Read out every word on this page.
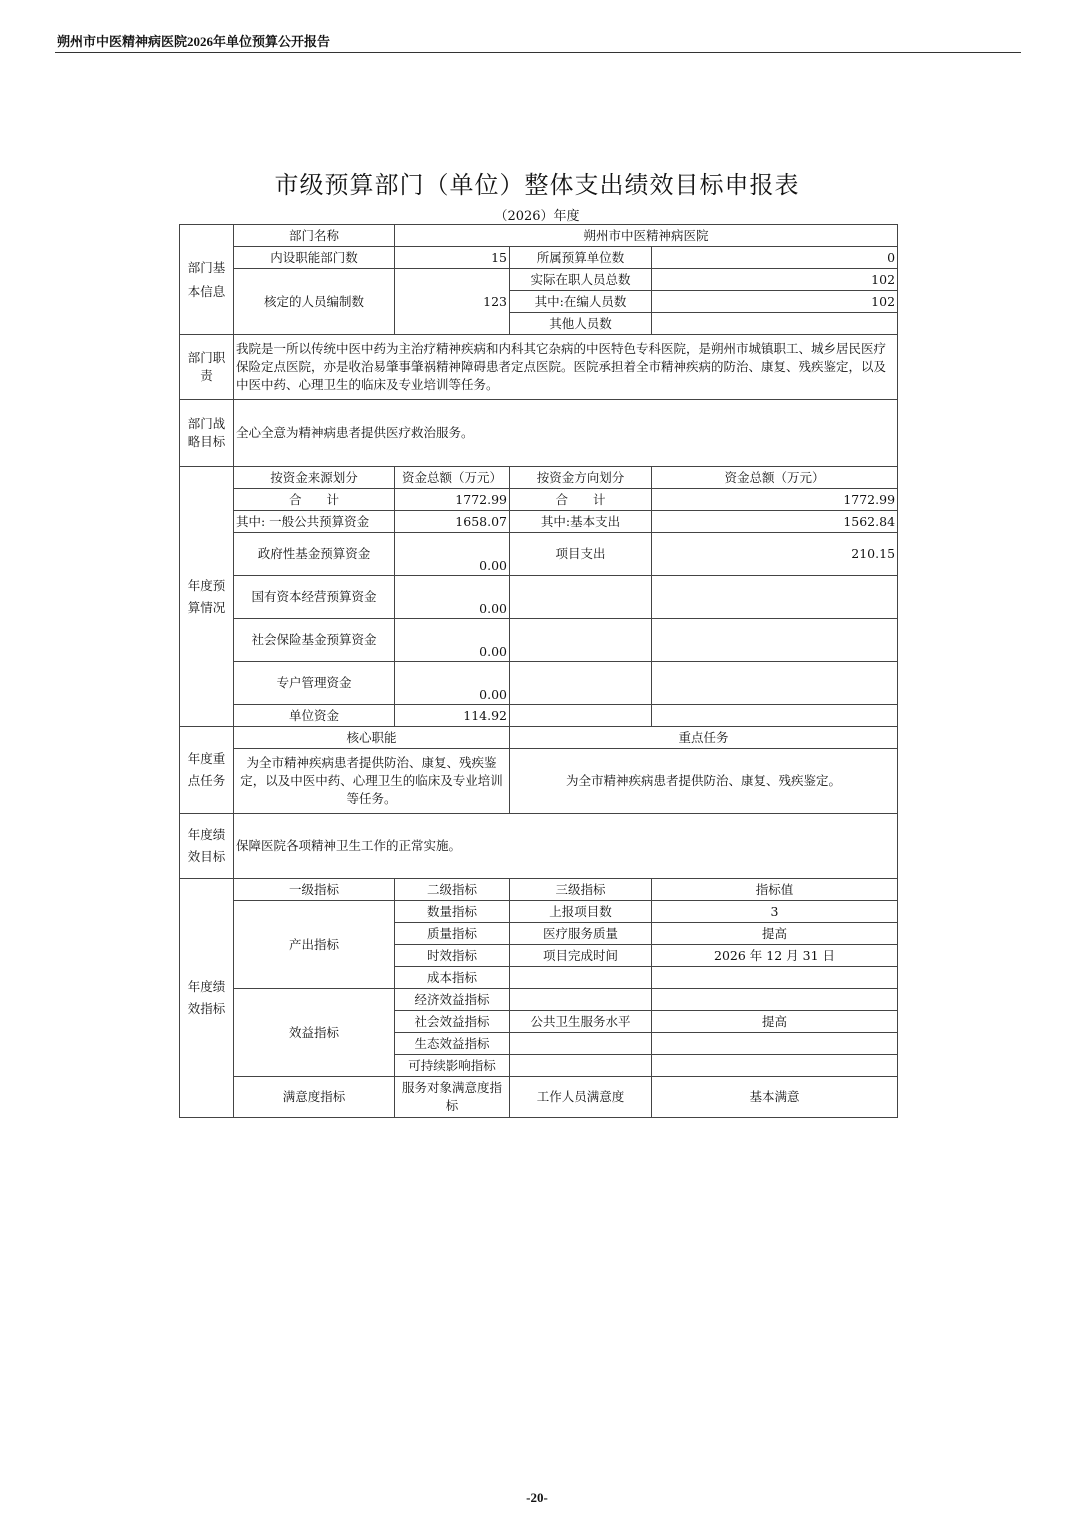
朔州市中医精神病医院2026年单位预算公开报告
市级预算部门（单位）整体支出绩效目标申报表
（2026）年度
部门基本信息	部门名称	朔州市中医精神病医院		
	内设职能部门数	15	所属预算单位数	0
	核定的人员编制数	123	实际在职人员总数	102
			其中:在编人员数	102
			其他人员数	
部门职责	我院是一所以传统中医中药为主治疗精神疾病和内科其它杂病的中医特色专科医院，是朔州市城镇职工、城乡居民医疗保险定点医院，亦是收治易肇事肇祸精神障碍患者定点医院。医院承担着全市精神疾病的防治、康复、残疾鉴定，以及中医中药、心理卫生的临床及专业培训等任务。			
部门战略目标	全心全意为精神病患者提供医疗救治服务。			
年度预算情况	按资金来源划分	资金总额（万元）	按资金方向划分	资金总额（万元）
	合　　计	1772.99	合　　计	1772.99
	其中: 一般公共预算资金	1658.07	其中:基本支出	1562.84
	政府性基金预算资金	0.00	项目支出	210.15
	国有资本经营预算资金	0.00		
	社会保险基金预算资金	0.00		
	专户管理资金	0.00		
	单位资金	114.92		
年度重点任务	核心职能		重点任务	
	为全市精神疾病患者提供防治、康复、残疾鉴定，以及中医中药、心理卫生的临床及专业培训等任务。		为全市精神疾病患者提供防治、康复、残疾鉴定。	
年度绩效目标	保障医院各项精神卫生工作的正常实施。			
年度绩效指标	一级指标	二级指标	三级指标	指标值
	产出指标	数量指标	上报项目数	3
		质量指标	医疗服务质量	提高
		时效指标	项目完成时间	2026 年 12 月 31 日
		成本指标		
	效益指标	经济效益指标		
		社会效益指标	公共卫生服务水平	提高
		生态效益指标		
		可持续影响指标		
	满意度指标	服务对象满意度指标	工作人员满意度	基本满意
-20-
